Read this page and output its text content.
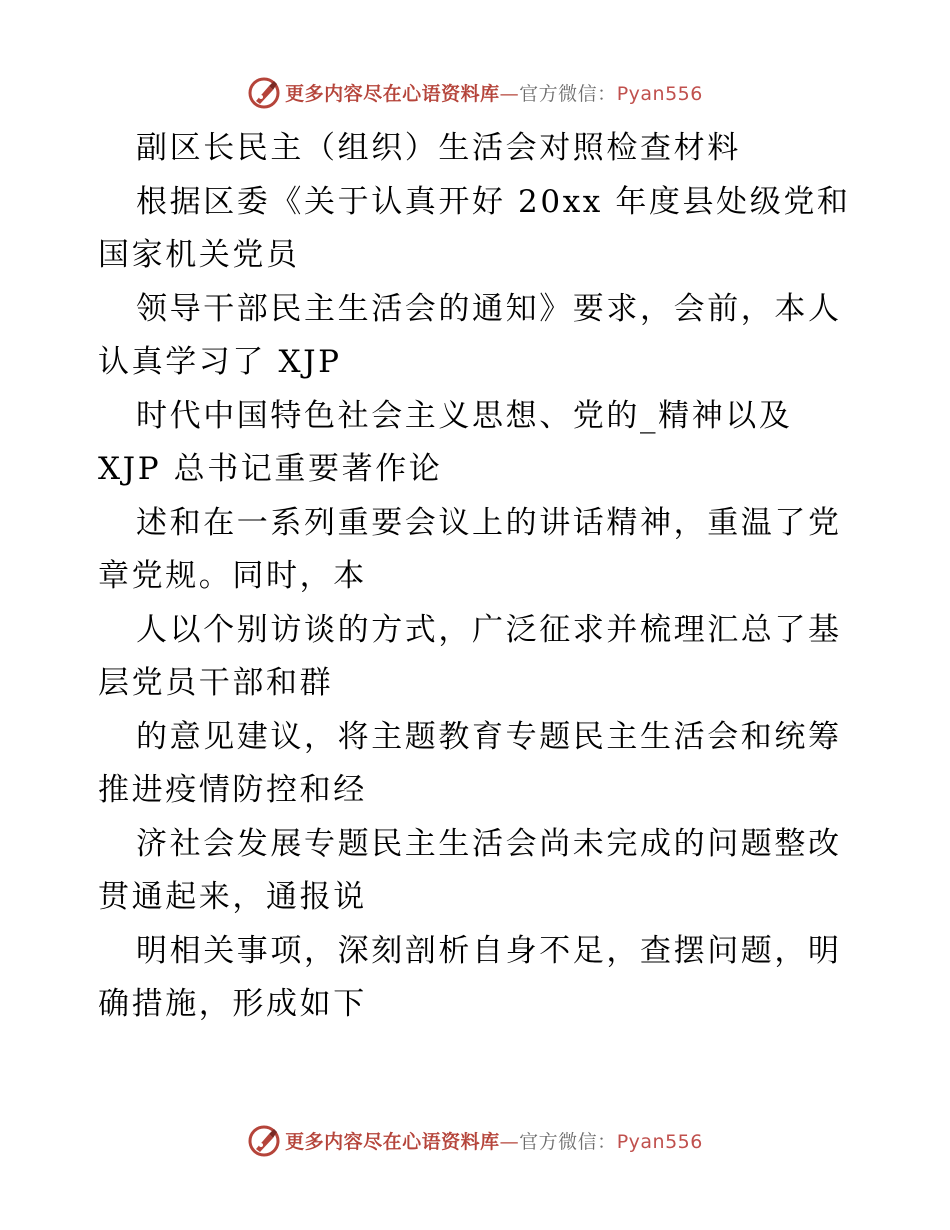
更多内容尽在心语资料库—官方微信：Pyan556
副区长民主（组织）生活会对照检查材料
根据区委《关于认真开好 20xx 年度县处级党和
国家机关党员
领导干部民主生活会的通知》要求，会前，本人
认真学习了 XJP
时代中国特色社会主义思想、党的_精神以及
XJP 总书记重要著作论
述和在一系列重要会议上的讲话精神，重温了党
章党规。同时，本
人以个别访谈的方式，广泛征求并梳理汇总了基
层党员干部和群
的意见建议，将主题教育专题民主生活会和统筹
推进疫情防控和经
济社会发展专题民主生活会尚未完成的问题整改
贯通起来，通报说
明相关事项，深刻剖析自身不足，查摆问题，明
确措施，形成如下
更多内容尽在心语资料库—官方微信：Pyan556
